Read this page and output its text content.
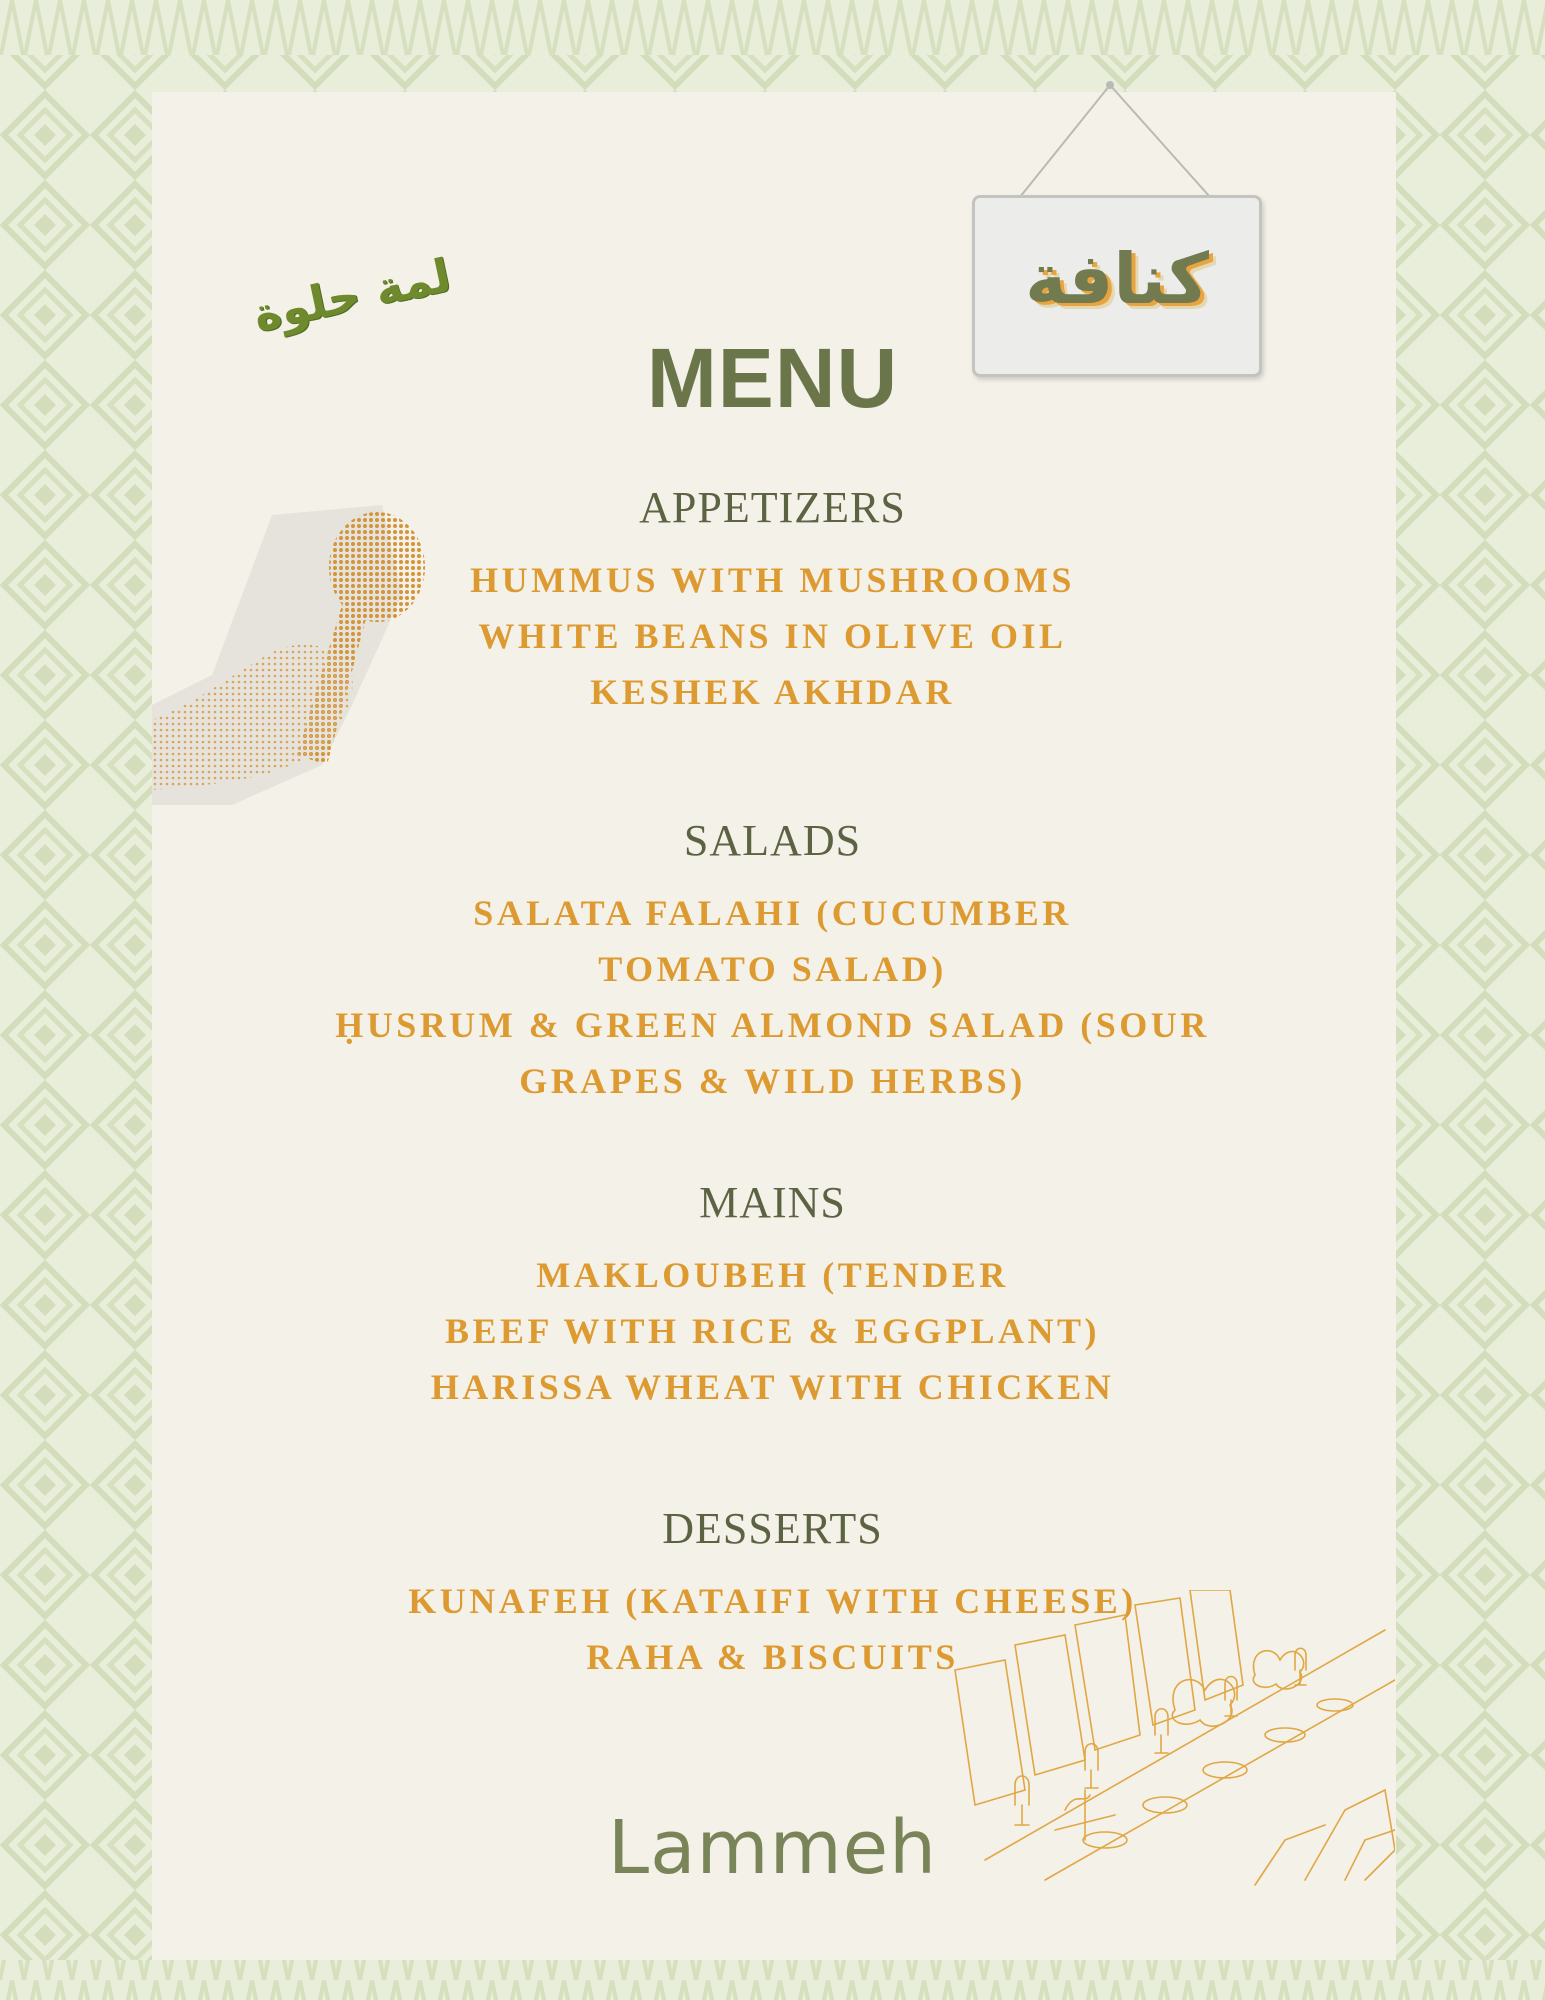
لمة حلوة	كنافة
MENU
APPETIZERS
HUMMUS WITH MUSHROOMS
WHITE BEANS IN OLIVE OIL
KESHEK AKHDAR
SALADS
SALATA FALAHI (CUCUMBER
TOMATO SALAD)
ḤUSRUM & GREEN ALMOND SALAD (SOUR
GRAPES & WILD HERBS)
MAINS
MAKLOUBEH (TENDER
BEEF WITH RICE & EGGPLANT)
HARISSA WHEAT WITH CHICKEN
DESSERTS
KUNAFEH (KATAIFI WITH CHEESE)
RAHA & BISCUITS
Lammeh
